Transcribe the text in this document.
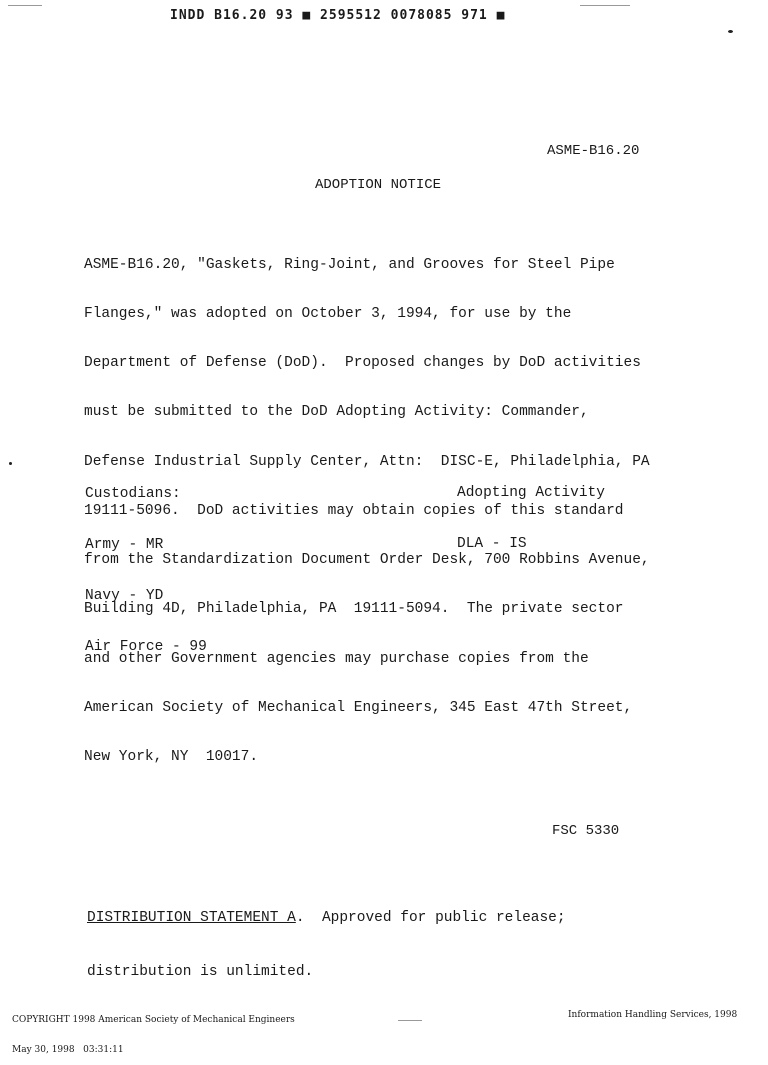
INDD B16.20 93 ■ 2595512 0078085 971 ■
ASME-B16.20
ADOPTION NOTICE

ASME-B16.20, "Gaskets, Ring-Joint, and Grooves for Steel Pipe

Flanges," was adopted on October 3, 1994, for use by the

Department of Defense (DoD).  Proposed changes by DoD activities

must be submitted to the DoD Adopting Activity: Commander,

Defense Industrial Supply Center, Attn:  DISC-E, Philadelphia, PA

19111-5096.  DoD activities may obtain copies of this standard

from the Standardization Document Order Desk, 700 Robbins Avenue,

Building 4D, Philadelphia, PA  19111-5094.  The private sector

and other Government agencies may purchase copies from the

American Society of Mechanical Engineers, 345 East 47th Street,

New York, NY  10017.

Custodians:

Army - MR

Navy - YD

Air Force - 99

Adopting Activity

DLA - IS

FSC 5330

DISTRIBUTION STATEMENT A.  Approved for public release;

distribution is unlimited.

COPYRIGHT 1998 American Society of Mechanical Engineers

May 30, 1998   03:31:11

Information Handling Services, 1998
